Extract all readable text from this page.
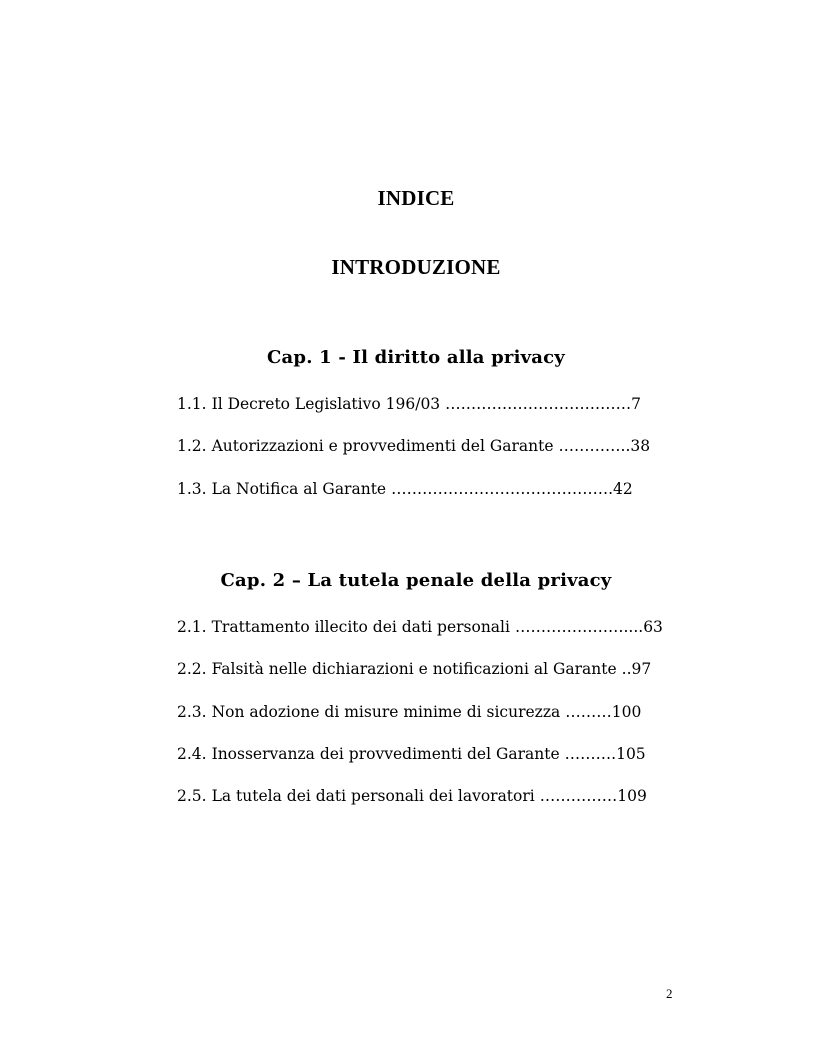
INDICE
INTRODUZIONE
Cap. 1 - Il diritto alla privacy
1.1. Il Decreto Legislativo 196/03 ……………………………… 7
1.2. Autorizzazioni e provvedimenti del Garante ………….. 38
1.3. La Notifica al Garante ……………………………………. 42
Cap. 2 – La tutela penale della privacy
2.1. Trattamento illecito dei dati personali ………………….... 63
2.2. Falsità nelle dichiarazioni e notificazioni al Garante .. 97
2.3. Non adozione di misure minime di sicurezza ……… 100
2.4. Inosservanza dei provvedimenti del Garante ………. 105
2.5. La tutela dei dati personali dei lavoratori …………… 109
2
